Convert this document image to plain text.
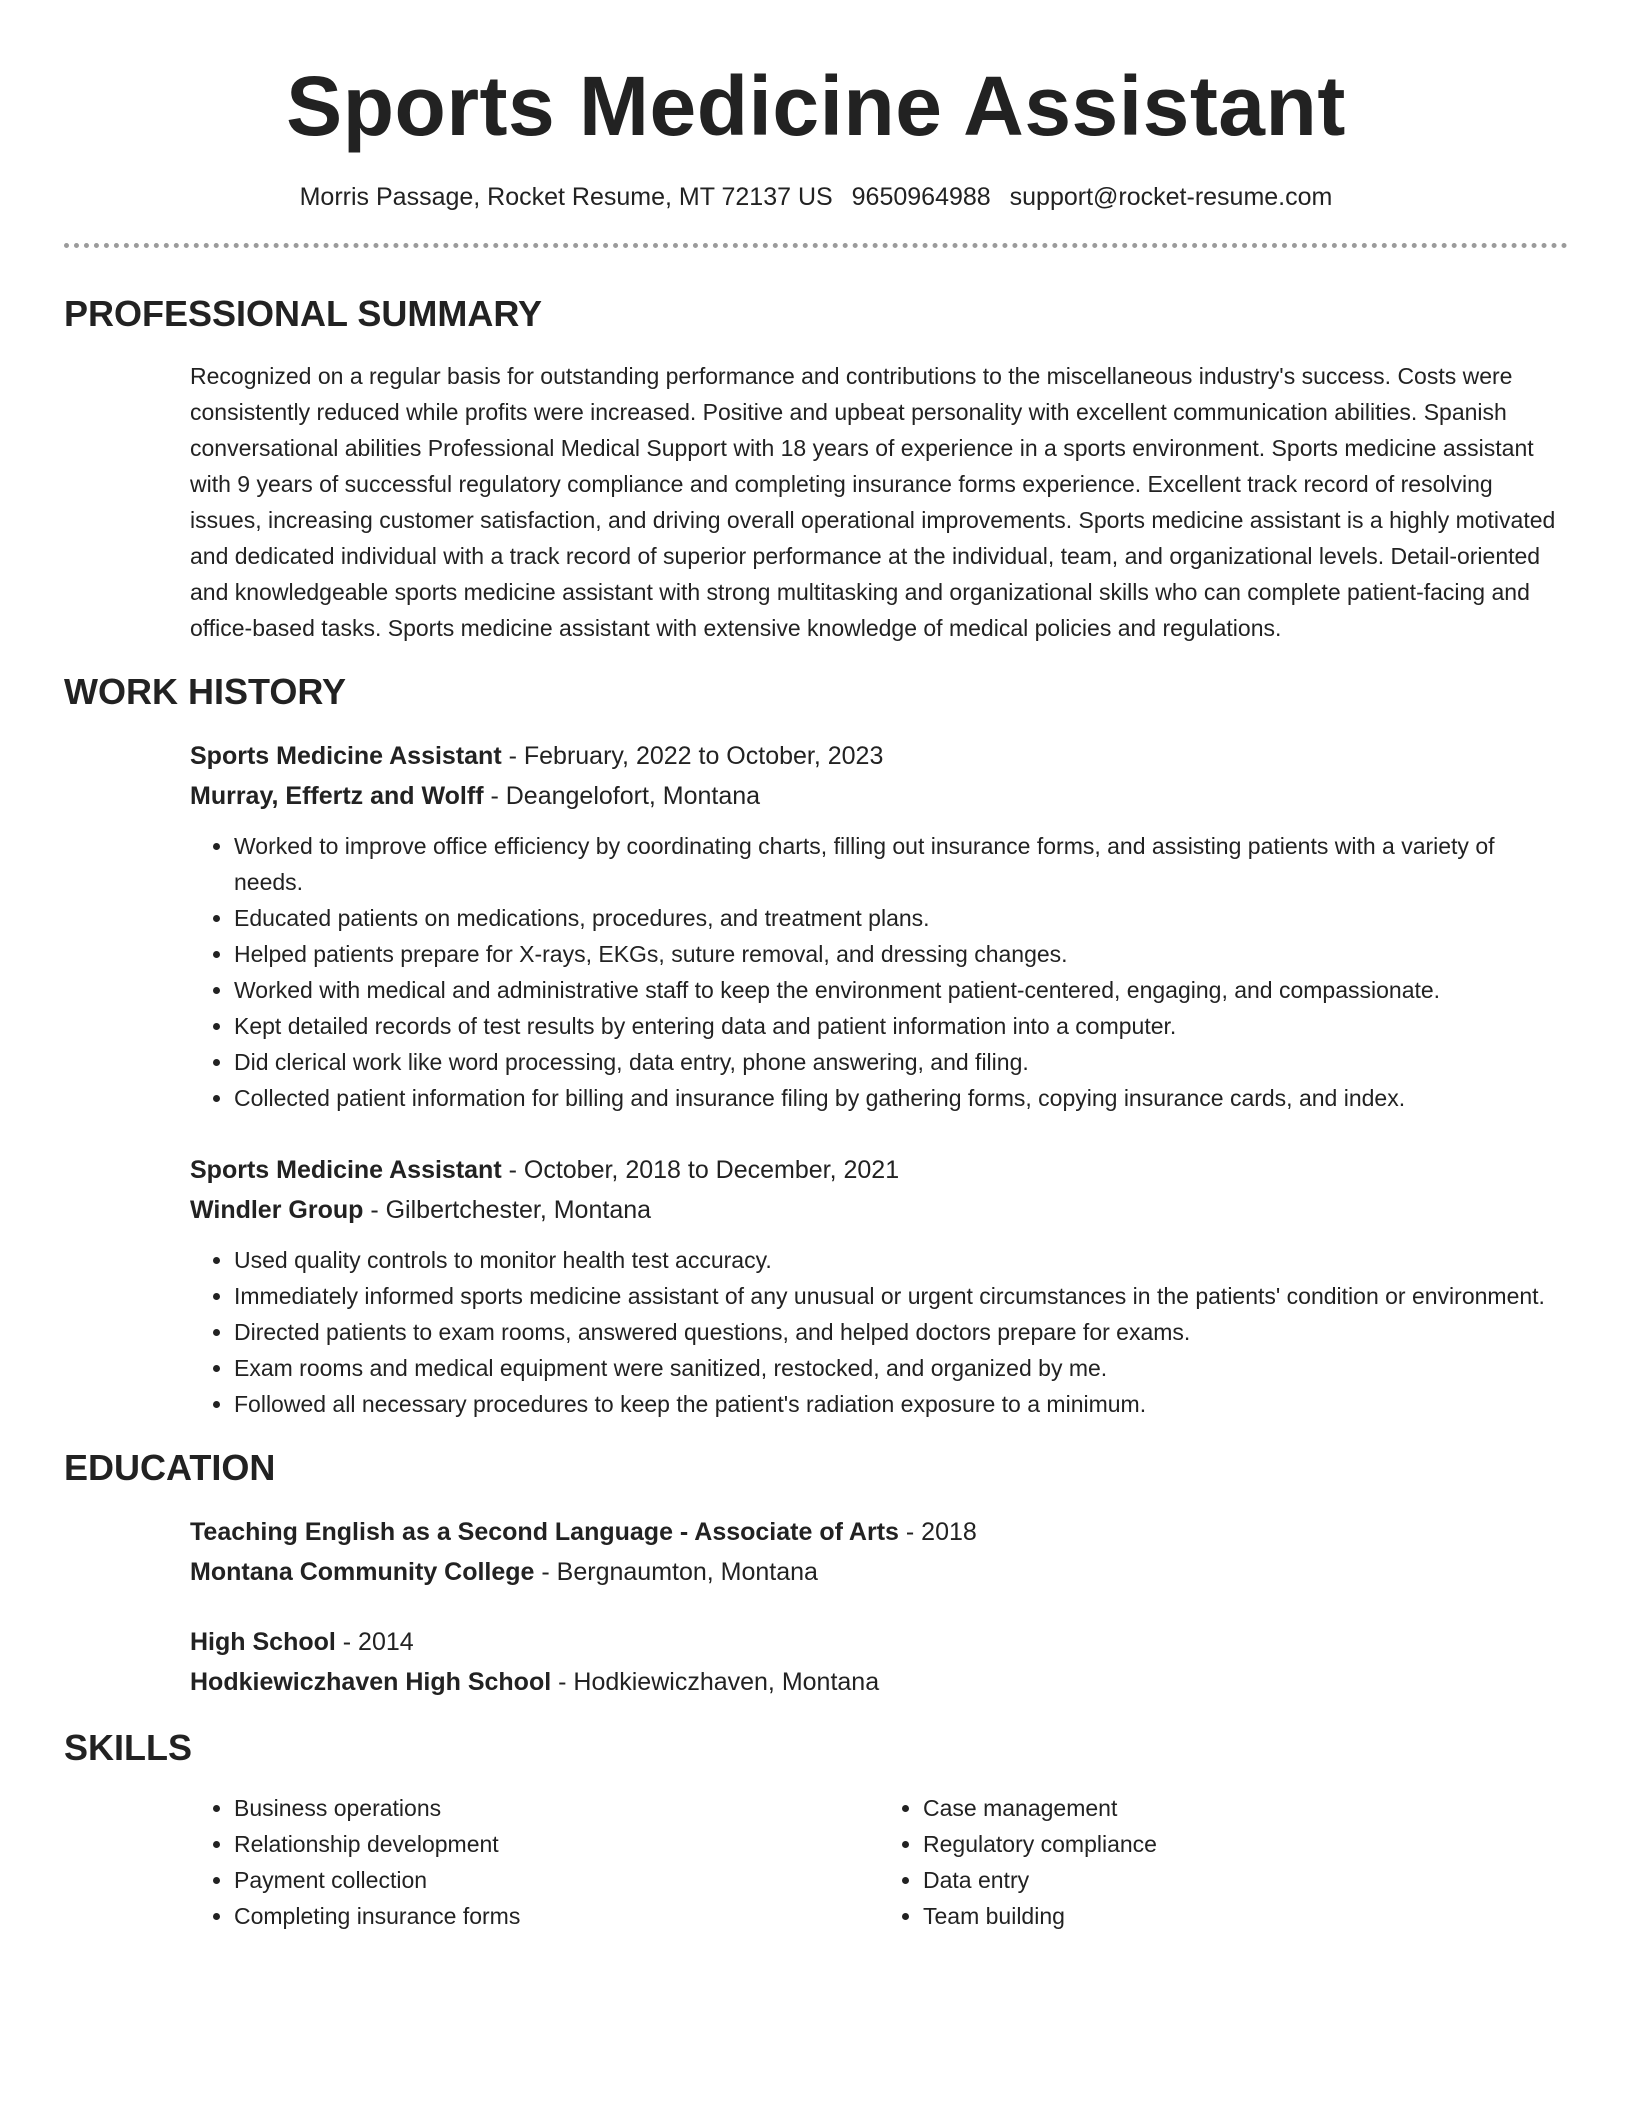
Sports Medicine Assistant
Morris Passage, Rocket Resume, MT 72137 US 9650964988 support@rocket-resume.com
PROFESSIONAL SUMMARY
Recognized on a regular basis for outstanding performance and contributions to the miscellaneous industry's success. Costs were consistently reduced while profits were increased. Positive and upbeat personality with excellent communication abilities. Spanish conversational abilities Professional Medical Support with 18 years of experience in a sports environment. Sports medicine assistant with 9 years of successful regulatory compliance and completing insurance forms experience. Excellent track record of resolving issues, increasing customer satisfaction, and driving overall operational improvements. Sports medicine assistant is a highly motivated and dedicated individual with a track record of superior performance at the individual, team, and organizational levels. Detail-oriented and knowledgeable sports medicine assistant with strong multitasking and organizational skills who can complete patient-facing and office-based tasks. Sports medicine assistant with extensive knowledge of medical policies and regulations.
WORK HISTORY
Sports Medicine Assistant - February, 2022 to October, 2023
Murray, Effertz and Wolff - Deangelofort, Montana
• Worked to improve office efficiency by coordinating charts, filling out insurance forms, and assisting patients with a variety of needs.
• Educated patients on medications, procedures, and treatment plans.
• Helped patients prepare for X-rays, EKGs, suture removal, and dressing changes.
• Worked with medical and administrative staff to keep the environment patient-centered, engaging, and compassionate.
• Kept detailed records of test results by entering data and patient information into a computer.
• Did clerical work like word processing, data entry, phone answering, and filing.
• Collected patient information for billing and insurance filing by gathering forms, copying insurance cards, and index.
Sports Medicine Assistant - October, 2018 to December, 2021
Windler Group - Gilbertchester, Montana
• Used quality controls to monitor health test accuracy.
• Immediately informed sports medicine assistant of any unusual or urgent circumstances in the patients' condition or environment.
• Directed patients to exam rooms, answered questions, and helped doctors prepare for exams.
• Exam rooms and medical equipment were sanitized, restocked, and organized by me.
• Followed all necessary procedures to keep the patient's radiation exposure to a minimum.
EDUCATION
Teaching English as a Second Language - Associate of Arts - 2018
Montana Community College - Bergnaumton, Montana
High School - 2014
Hodkiewiczhaven High School - Hodkiewiczhaven, Montana
SKILLS
• Business operations
• Relationship development
• Payment collection
• Completing insurance forms
• Case management
• Regulatory compliance
• Data entry
• Team building
